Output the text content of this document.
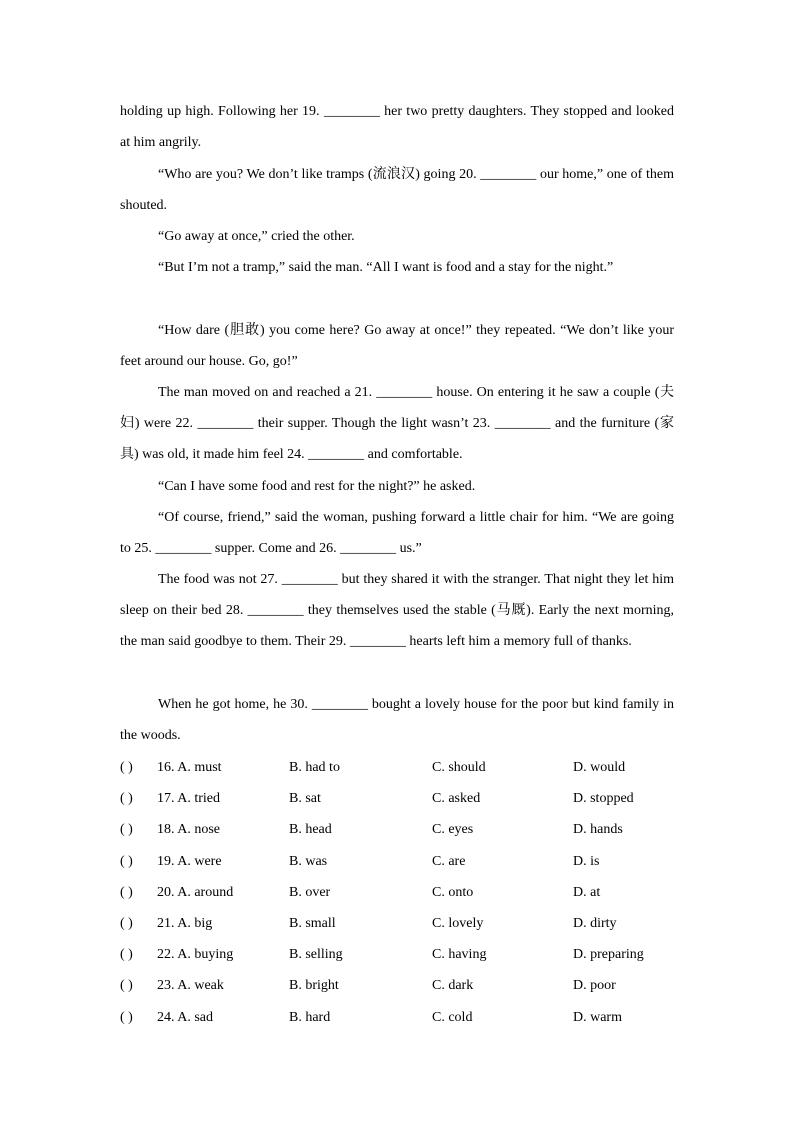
holding up high. Following her 19. ________ her two pretty daughters. They stopped and looked at him angrily.

“Who are you? We don’t like tramps (流浪汉) going 20. ________ our home,” one of them shouted.

“Go away at once,” cried the other.

“But I’m not a tramp,” said the man. “All I want is food and a stay for the night.”

“How dare (胆敢) you come here? Go away at once!” they repeated. “We don’t like your feet around our house. Go, go!”

The man moved on and reached a 21. ________ house. On entering it he saw a couple (夫妇) were 22. ________ their supper. Though the light wasn’t 23. ________ and the furniture (家具) was old, it made him feel 24. ________ and comfortable.

“Can I have some food and rest for the night?” he asked.

“Of course, friend,” said the woman, pushing forward a little chair for him. “We are going to 25. ________ supper. Come and 26. ________ us.”

The food was not 27. ________ but they shared it with the stranger. That night they let him sleep on their bed 28. ________ they themselves used the stable (马厩). Early the next morning, the man said goodbye to them. Their 29. ________ hearts left him a memory full of thanks.

When he got home, he 30. ________ bought a lovely house for the poor but kind family in the woods.

( ) 16. A. must	B. had to	C. should	D. would
( ) 17. A. tried	B. sat	C. asked	D. stopped
( ) 18. A. nose	B. head	C. eyes	D. hands
( ) 19. A. were	B. was	C. are	D. is
( ) 20. A. around	B. over	C. onto	D. at
( ) 21. A. big	B. small	C. lovely	D. dirty
( ) 22. A. buying	B. selling	C. having	D. preparing
( ) 23. A. weak	B. bright	C. dark	D. poor
( ) 24. A. sad	B. hard	C. cold	D. warm
